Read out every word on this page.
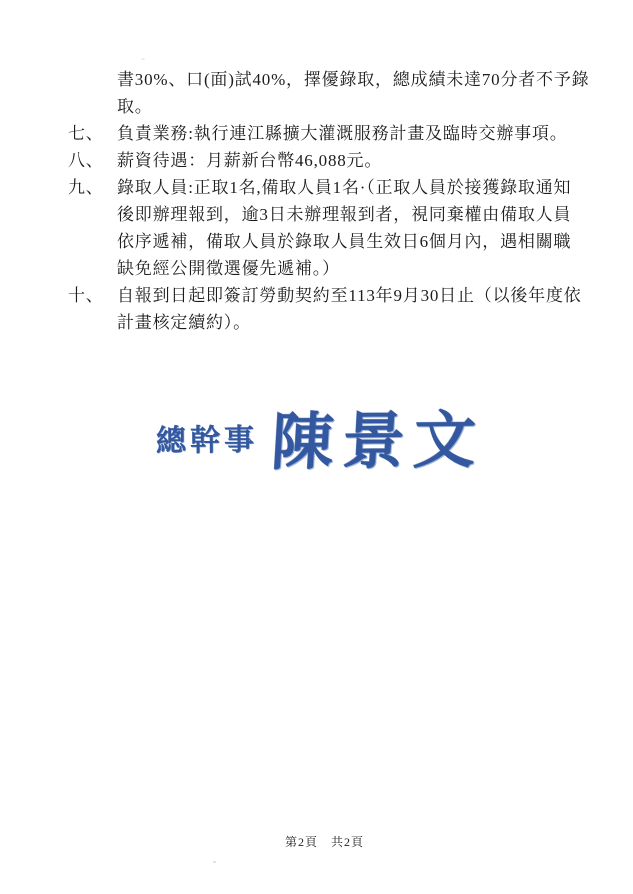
書30%、口(面)試40%，擇優錄取，總成績未達70分者不予錄
取。
七、 負責業務:執行連江縣擴大灌溉服務計畫及臨時交辦事項。
八、 薪資待遇：月薪新台幣46,088元。
九、 錄取人員:正取1名,備取人員1名·（正取人員於接獲錄取通知
後即辦理報到，逾3日未辦理報到者，視同棄權由備取人員
依序遞補，備取人員於錄取人員生效日6個月內，遇相關職
缺免經公開徵選優先遞補。）
十、 自報到日起即簽訂勞動契約至113年9月30日止（以後年度依
計畫核定續約）。
總幹事 陳景文
第2頁　共2頁
